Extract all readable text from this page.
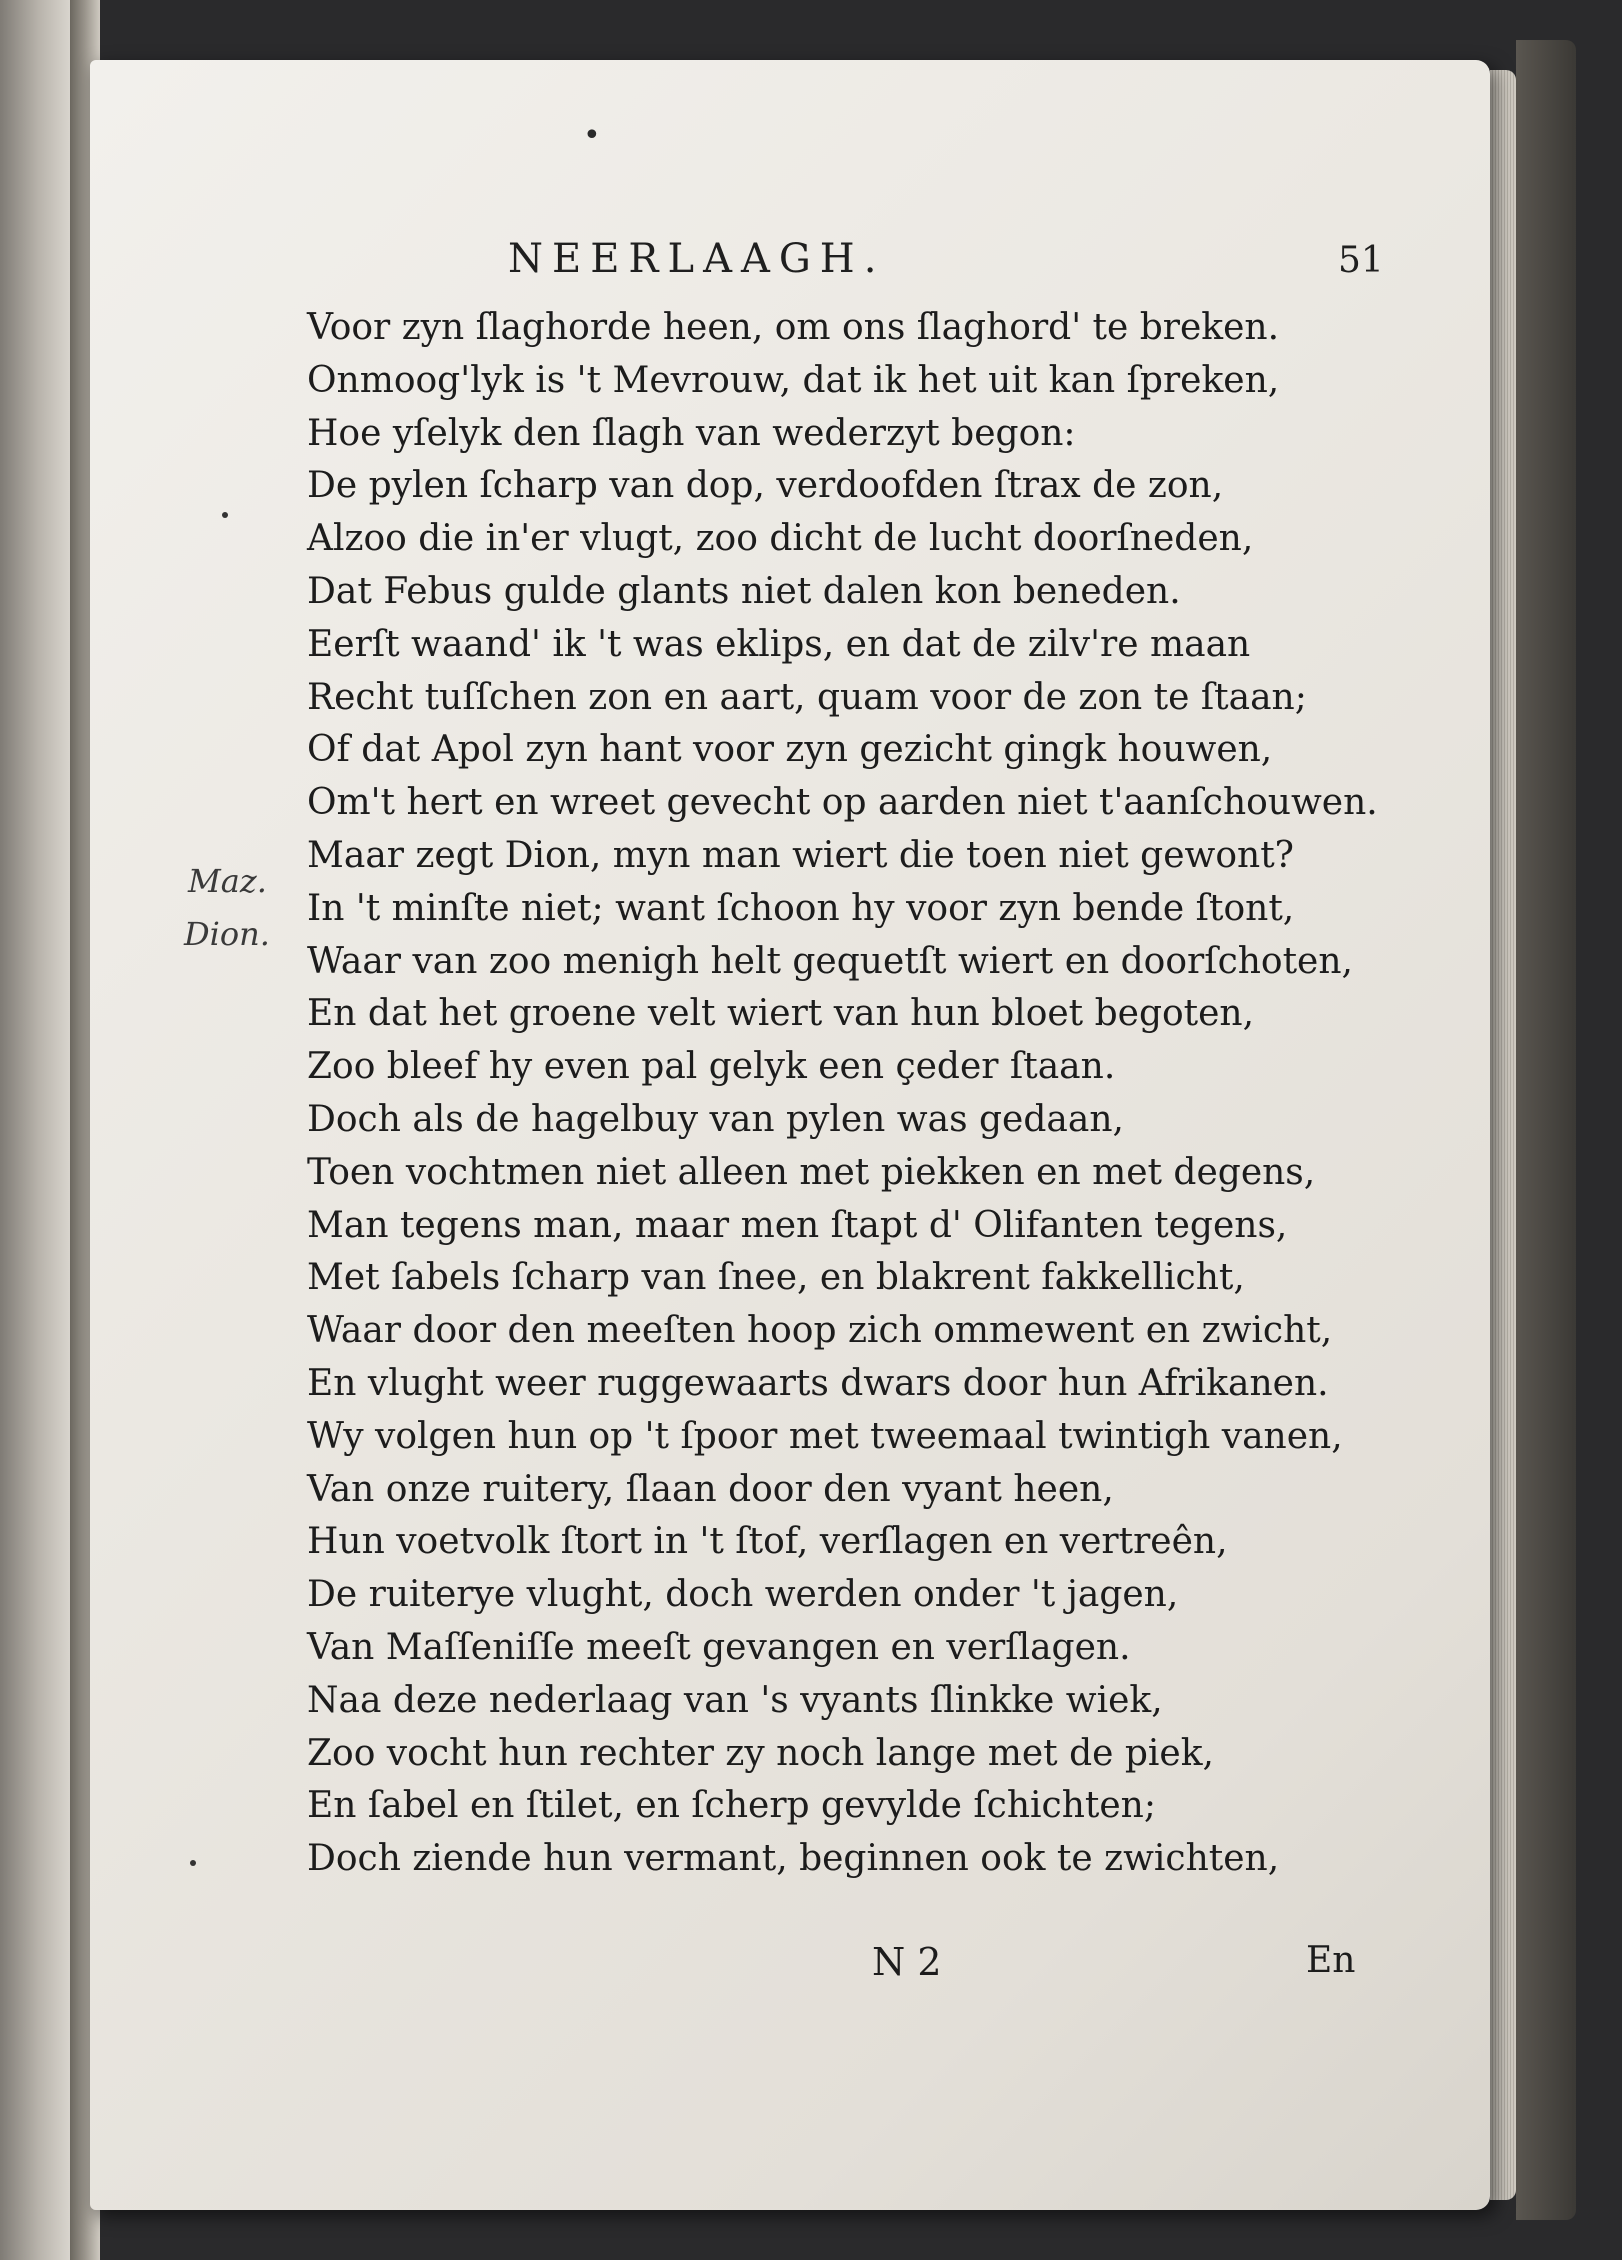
•
NEERLAAGH.	51
Maz.
Dion.
Voor zyn ſlaghorde heen, om ons ſlaghord' te breken.
Onmoog'lyk is 't Mevrouw, dat ik het uit kan ſpreken,
Hoe yſelyk den ſlagh van wederzyt begon:
De pylen ſcharp van dop, verdoofden ſtrax de zon,
Alzoo die in'er vlugt, zoo dicht de lucht doorſneden,
Dat Febus gulde glants niet dalen kon beneden.
Eerſt waand' ik 't was eklips, en dat de zilv're maan
Recht tuſſchen zon en aart, quam voor de zon te ſtaan;
Of dat Apol zyn hant voor zyn gezicht gingk houwen,
Om't hert en wreet gevecht op aarden niet t'aanſchouwen.
Maar zegt Dion, myn man wiert die toen niet gewont?
In 't minſte niet; want ſchoon hy voor zyn bende ſtont,
Waar van zoo menigh helt gequetſt wiert en doorſchoten,
En dat het groene velt wiert van hun bloet begoten,
Zoo bleef hy even pal gelyk een çeder ſtaan.
Doch als de hagelbuy van pylen was gedaan,
Toen vochtmen niet alleen met piekken en met degens,
Man tegens man, maar men ſtapt d' Olifanten tegens,
Met ſabels ſcharp van ſnee, en blakrent fakkellicht,
Waar door den meeſten hoop zich ommewent en zwicht,
En vlught weer ruggewaarts dwars door hun Afrikanen.
Wy volgen hun op 't ſpoor met tweemaal twintigh vanen,
Van onze ruitery, ſlaan door den vyant heen,
Hun voetvolk ſtort in 't ſtof, verſlagen en vertreên,
De ruiterye vlught, doch werden onder 't jagen,
Van Maſſeniſſe meeſt gevangen en verſlagen.
Naa deze nederlaag van 's vyants ſlinkke wiek,
Zoo vocht hun rechter zy noch lange met de piek,
En ſabel en ſtilet, en ſcherp gevylde ſchichten;
Doch ziende hun vermant, beginnen ook te zwichten,
N 2	En
